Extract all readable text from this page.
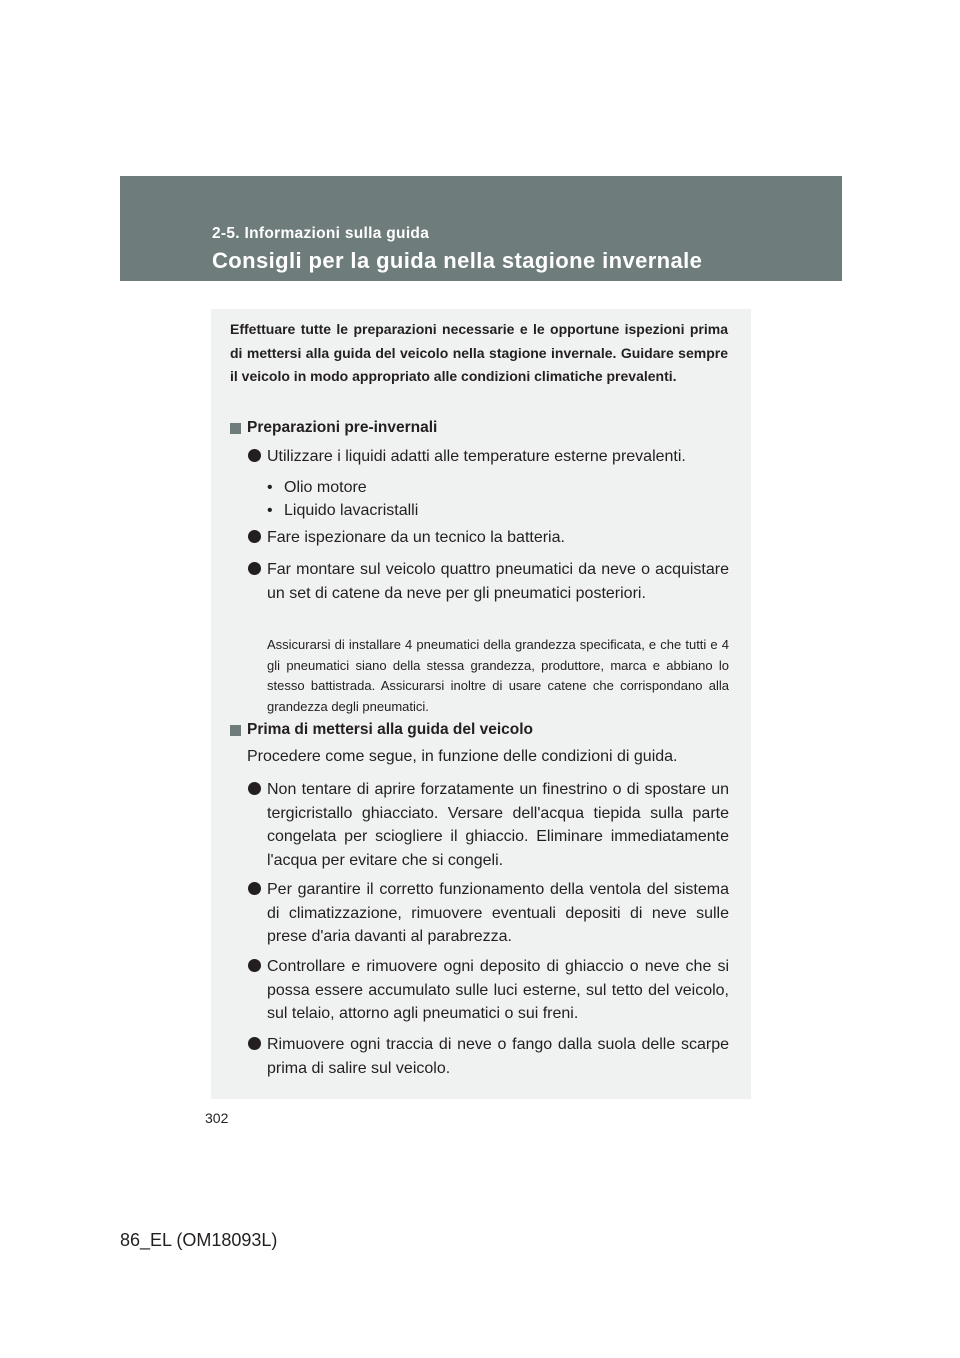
2-5. Informazioni sulla guida
Consigli per la guida nella stagione invernale
Effettuare tutte le preparazioni necessarie e le opportune ispezioni prima di mettersi alla guida del veicolo nella stagione invernale. Guidare sempre il veicolo in modo appropriato alle condizioni climatiche prevalenti.
Preparazioni pre-invernali
Utilizzare i liquidi adatti alle temperature esterne prevalenti.
• Olio motore
• Liquido lavacristalli
Fare ispezionare da un tecnico la batteria.
Far montare sul veicolo quattro pneumatici da neve o acquistare un set di catene da neve per gli pneumatici posteriori.
Assicurarsi di installare 4 pneumatici della grandezza specificata, e che tutti e 4 gli pneumatici siano della stessa grandezza, produttore, marca e abbiano lo stesso battistrada. Assicurarsi inoltre di usare catene che corrispondano alla grandezza degli pneumatici.
Prima di mettersi alla guida del veicolo
Procedere come segue, in funzione delle condizioni di guida.
Non tentare di aprire forzatamente un finestrino o di spostare un tergicristallo ghiacciato. Versare dell'acqua tiepida sulla parte congelata per sciogliere il ghiaccio. Eliminare immediatamente l'acqua per evitare che si congeli.
Per garantire il corretto funzionamento della ventola del sistema di climatizzazione, rimuovere eventuali depositi di neve sulle prese d'aria davanti al parabrezza.
Controllare e rimuovere ogni deposito di ghiaccio o neve che si possa essere accumulato sulle luci esterne, sul tetto del veicolo, sul telaio, attorno agli pneumatici o sui freni.
Rimuovere ogni traccia di neve o fango dalla suola delle scarpe prima di salire sul veicolo.
302
86_EL (OM18093L)
